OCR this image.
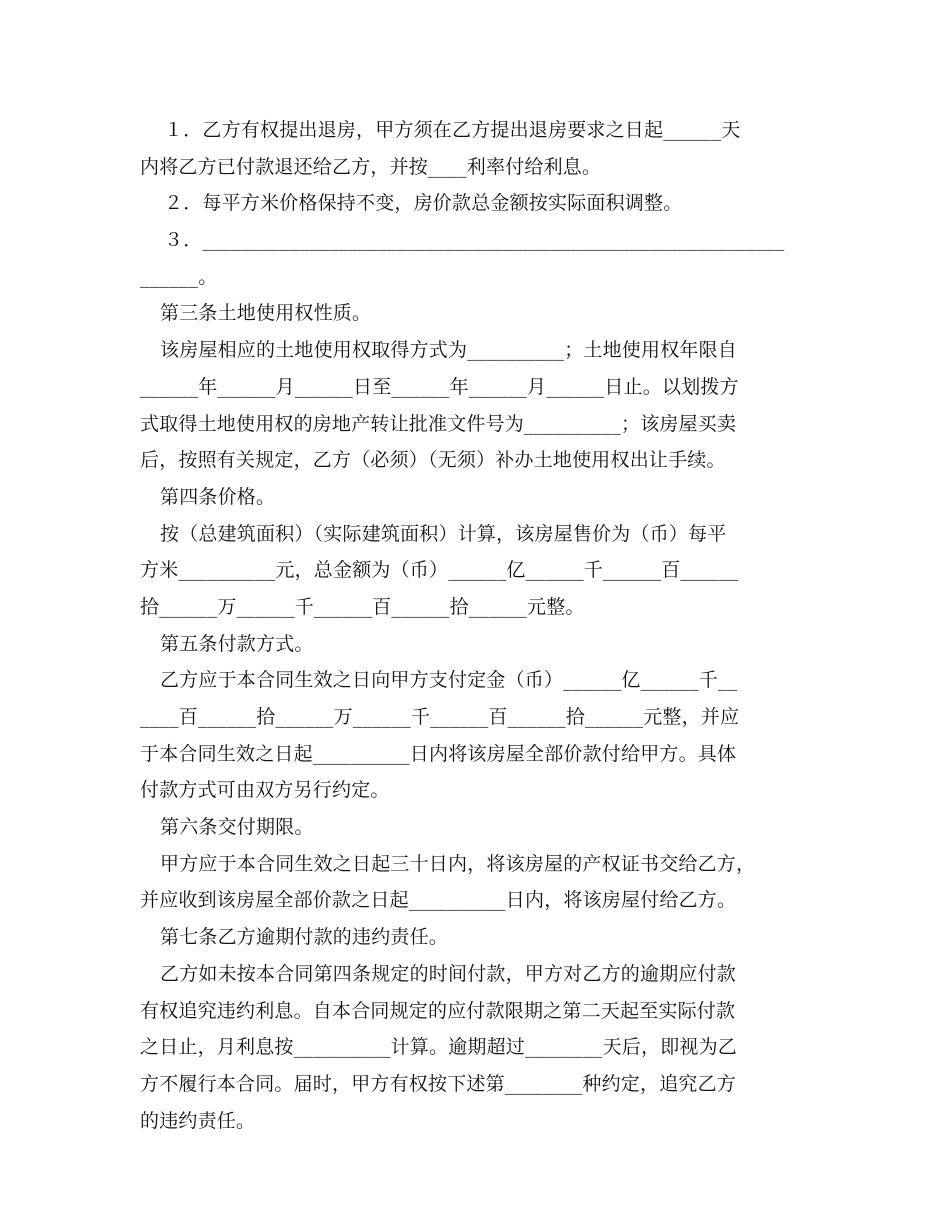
１．乙方有权提出退房，甲方须在乙方提出退房要求之日起______天
内将乙方已付款退还给乙方，并按____利率付给利息。
２．每平方米价格保持不变，房价款总金额按实际面积调整。
３．____________________________________________________________
______。
第三条土地使用权性质。
该房屋相应的土地使用权取得方式为__________；土地使用权年限自
______年______月______日至______年______月______日止。以划拨方
式取得土地使用权的房地产转让批准文件号为__________；该房屋买卖
后，按照有关规定，乙方（必须）（无须）补办土地使用权出让手续。
第四条价格。
按（总建筑面积）（实际建筑面积）计算，该房屋售价为（币）每平
方米__________元，总金额为（币）______亿______千______百______
拾______万______千______百______拾______元整。
第五条付款方式。
乙方应于本合同生效之日向甲方支付定金（币）______亿______千__
____百______拾______万______千______百______拾______元整，并应
于本合同生效之日起__________日内将该房屋全部价款付给甲方。具体
付款方式可由双方另行约定。
第六条交付期限。
甲方应于本合同生效之日起三十日内，将该房屋的产权证书交给乙方，
并应收到该房屋全部价款之日起__________日内，将该房屋付给乙方。
第七条乙方逾期付款的违约责任。
乙方如未按本合同第四条规定的时间付款，甲方对乙方的逾期应付款
有权追究违约利息。自本合同规定的应付款限期之第二天起至实际付款
之日止，月利息按__________计算。逾期超过________天后，即视为乙
方不履行本合同。届时，甲方有权按下述第________种约定，追究乙方
的违约责任。
